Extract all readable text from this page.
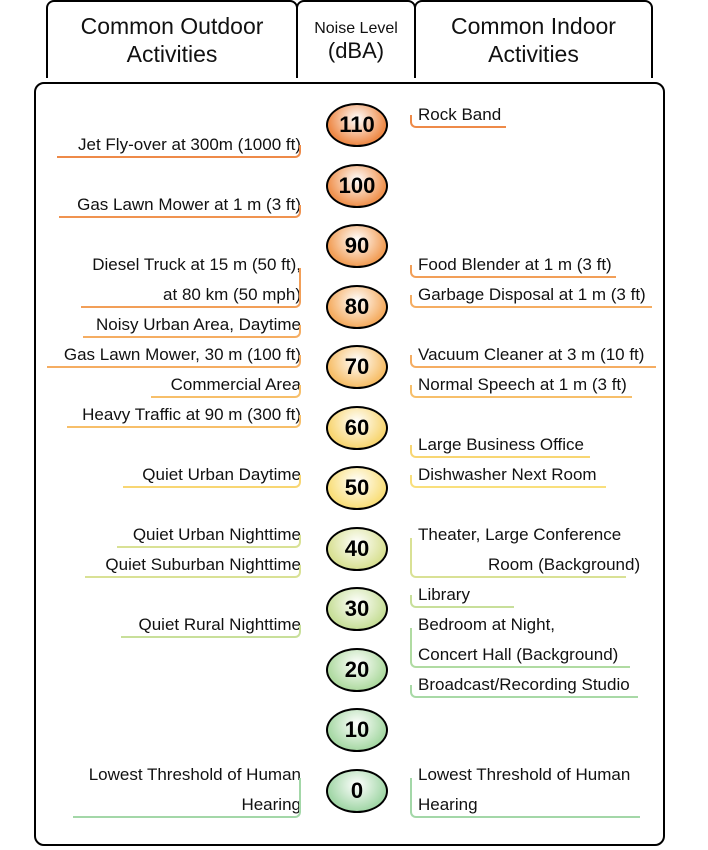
Common Outdoor
Activities
Noise Level
(dBA)
Common Indoor
Activities
110
100
90
80
70
60
50
40
30
20
10
0
Jet Fly-over at 300m (1000 ft)
Gas Lawn Mower at 1 m (3 ft)
Diesel Truck at 15 m (50 ft),
at 80 km (50 mph)
Noisy Urban Area, Daytime
Gas Lawn Mower, 30 m (100 ft)
Commercial Area
Heavy Traffic at 90 m (300 ft)
Quiet Urban Daytime
Quiet Urban Nighttime
Quiet Suburban Nighttime
Quiet Rural Nighttime
Lowest Threshold of Human
Hearing
Rock Band
Food Blender at 1 m (3 ft)
Garbage Disposal at 1 m (3 ft)
Vacuum Cleaner at 3 m (10 ft)
Normal Speech at 1 m (3 ft)
Large Business Office
Dishwasher Next Room
Theater, Large Conference
Room (Background)
Library
Bedroom at Night,
Concert Hall (Background)
Broadcast/Recording Studio
Lowest Threshold of Human
Hearing
